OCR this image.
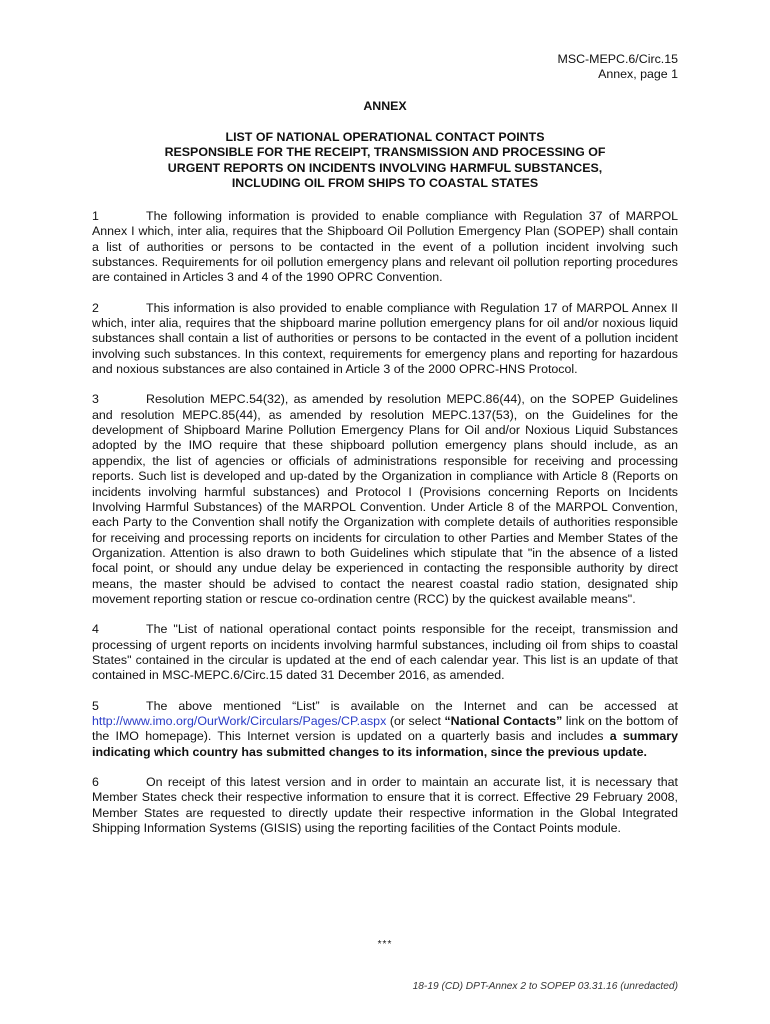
MSC-MEPC.6/Circ.15
Annex, page 1
ANNEX
LIST OF NATIONAL OPERATIONAL CONTACT POINTS
RESPONSIBLE FOR THE RECEIPT, TRANSMISSION AND PROCESSING OF
URGENT REPORTS ON INCIDENTS INVOLVING HARMFUL SUBSTANCES,
INCLUDING OIL FROM SHIPS TO COASTAL STATES

1	The following information is provided to enable compliance with Regulation 37 of MARPOL Annex I which, inter alia, requires that the Shipboard Oil Pollution Emergency Plan (SOPEP) shall contain a list of authorities or persons to be contacted in the event of a pollution incident involving such substances. Requirements for oil pollution emergency plans and relevant oil pollution reporting procedures are contained in Articles 3 and 4 of the 1990 OPRC Convention.

2	This information is also provided to enable compliance with Regulation 17 of MARPOL Annex II which, inter alia, requires that the shipboard marine pollution emergency plans for oil and/or noxious liquid substances shall contain a list of authorities or persons to be contacted in the event of a pollution incident involving such substances. In this context, requirements for emergency plans and reporting for hazardous and noxious substances are also contained in Article 3 of the 2000 OPRC-HNS Protocol.

3	Resolution MEPC.54(32), as amended by resolution MEPC.86(44), on the SOPEP Guidelines and resolution MEPC.85(44), as amended by resolution MEPC.137(53), on the Guidelines for the development of Shipboard Marine Pollution Emergency Plans for Oil and/or Noxious Liquid Substances adopted by the IMO require that these shipboard pollution emergency plans should include, as an appendix, the list of agencies or officials of administrations responsible for receiving and processing reports. Such list is developed and up-dated by the Organization in compliance with Article 8 (Reports on incidents involving harmful substances) and Protocol I (Provisions concerning Reports on Incidents Involving Harmful Substances) of the MARPOL Convention. Under Article 8 of the MARPOL Convention, each Party to the Convention shall notify the Organization with complete details of authorities responsible for receiving and processing reports on incidents for circulation to other Parties and Member States of the Organization. Attention is also drawn to both Guidelines which stipulate that "in the absence of a listed focal point, or should any undue delay be experienced in contacting the responsible authority by direct means, the master should be advised to contact the nearest coastal radio station, designated ship movement reporting station or rescue co-ordination centre (RCC) by the quickest available means".

4	The "List of national operational contact points responsible for the receipt, transmission and processing of urgent reports on incidents involving harmful substances, including oil from ships to coastal States" contained in the circular is updated at the end of each calendar year. This list is an update of that contained in MSC-MEPC.6/Circ.15 dated 31 December 2016, as amended.

5	The above mentioned “List” is available on the Internet and can be accessed at http://www.imo.org/OurWork/Circulars/Pages/CP.aspx (or select “National Contacts” link on the bottom of the IMO homepage). This Internet version is updated on a quarterly basis and includes a summary indicating which country has submitted changes to its information, since the previous update.

6	On receipt of this latest version and in order to maintain an accurate list, it is necessary that Member States check their respective information to ensure that it is correct. Effective 29 February 2008, Member States are requested to directly update their respective information in the Global Integrated Shipping Information Systems (GISIS) using the reporting facilities of the Contact Points module.

***
18-19 (CD) DPT-Annex 2 to SOPEP 03.31.16 (unredacted)
